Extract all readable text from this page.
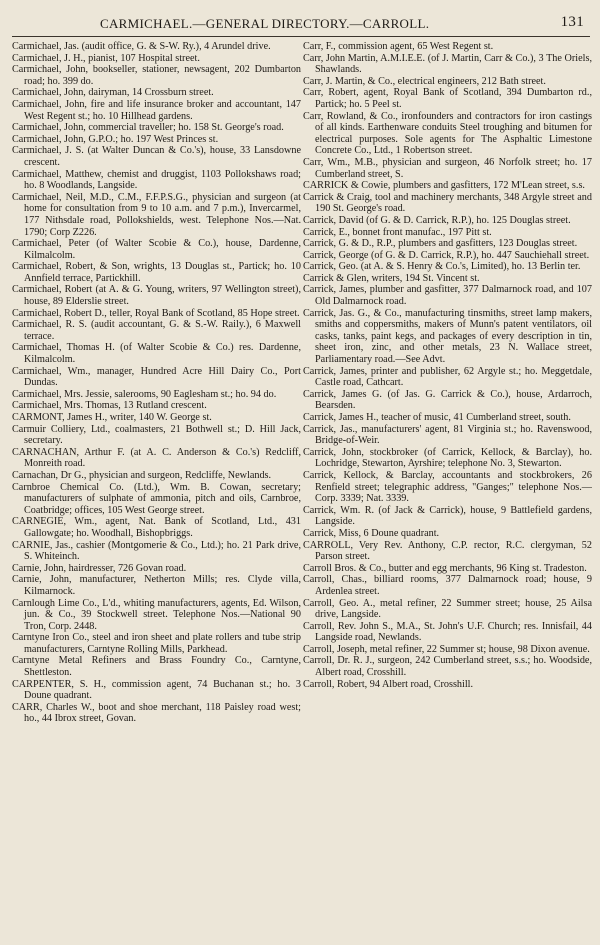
CARMICHAEL.—GENERAL DIRECTORY.—CARROLL.	131

Carmichael, Jas. (audit office, G. & S-W. Ry.), 4 Arundel drive.

Carmichael, J. H., pianist, 107 Hospital street.

Carmichael, John, bookseller, stationer, newsagent, 202 Dumbarton road; ho. 399 do.

Carmichael, John, dairyman, 14 Crossburn street.

Carmichael, John, fire and life insurance broker and accountant, 147 West Regent st.; ho. 10 Hillhead gardens.

Carmichael, John, commercial traveller; ho. 158 St. George's road.

Carmichael, John, G.P.O.; ho. 197 West Princes st.

Carmichael, J. S. (at Walter Duncan & Co.'s), house, 33 Lansdowne crescent.

Carmichael, Matthew, chemist and druggist, 1103 Pollokshaws road; ho. 8 Woodlands, Langside.

Carmichael, Neil, M.D., C.M., F.F.P.S.G., physician and surgeon (at home for consultation from 9 to 10 a.m. and 7 p.m.), Invercarmel, 177 Nithsdale road, Pollokshields, west. Telephone Nos.—Nat. 1790; Corp Z226.

Carmichael, Peter (of Walter Scobie & Co.), house, Dardenne, Kilmalcolm.

Carmichael, Robert, & Son, wrights, 13 Douglas st., Partick; ho. 10 Annfield terrace, Partickhill.

Carmichael, Robert (at A. & G. Young, writers, 97 Wellington street), house, 89 Elderslie street.

Carmichael, Robert D., teller, Royal Bank of Scotland, 85 Hope street.

Carmichael, R. S. (audit accountant, G. & S.-W. Raily.), 6 Maxwell terrace.

Carmichael, Thomas H. (of Walter Scobie & Co.) res. Dardenne, Kilmalcolm.

Carmichael, Wm., manager, Hundred Acre Hill Dairy Co., Port Dundas.

Carmichael, Mrs. Jessie, salerooms, 90 Eaglesham st.; ho. 94 do.

Carmichael, Mrs. Thomas, 13 Rutland crescent.

CARMONT, James H., writer, 140 W. George st.

Carmuir Colliery, Ltd., coalmasters, 21 Bothwell st.; D. Hill Jack, secretary.

CARNACHAN, Arthur F. (at A. C. Anderson & Co.'s) Redcliff, Monreith road.

Carnachan, Dr G., physician and surgeon, Redcliffe, Newlands.

Carnbroe Chemical Co. (Ltd.), Wm. B. Cowan, secretary; manufacturers of sulphate of ammonia, pitch and oils, Carnbroe, Coatbridge; offices, 105 West George street.

CARNEGIE, Wm., agent, Nat. Bank of Scotland, Ltd., 431 Gallowgate; ho. Woodhall, Bishopbriggs.

CARNIE, Jas., cashier (Montgomerie & Co., Ltd.); ho. 21 Park drive, S. Whiteinch.

Carnie, John, hairdresser, 726 Govan road.

Carnie, John, manufacturer, Netherton Mills; res. Clyde villa, Kilmarnock.

Carnlough Lime Co., L'd., whiting manufacturers, agents, Ed. Wilson, jun. & Co., 39 Stockwell street. Telephone Nos.—National 90 Tron, Corp. 2448.

Carntyne Iron Co., steel and iron sheet and plate rollers and tube strip manufacturers, Carntyne Rolling Mills, Parkhead.

Carntyne Metal Refiners and Brass Foundry Co., Carntyne, Shettleston.

CARPENTER, S. H., commission agent, 74 Buchanan st.; ho. 3 Doune quadrant.

CARR, Charles W., boot and shoe merchant, 118 Paisley road west; ho., 44 Ibrox street, Govan.

Carr, F., commission agent, 65 West Regent st.

Carr, John Martin, A.M.I.E.E. (of J. Martin, Carr & Co.), 3 The Oriels, Shawlands.

Carr, J. Martin, & Co., electrical engineers, 212 Bath street.

Carr, Robert, agent, Royal Bank of Scotland, 394 Dumbarton rd., Partick; ho. 5 Peel st.

Carr, Rowland, & Co., ironfounders and contractors for iron castings of all kinds. Earthenware conduits Steel troughing and bitumen for electrical purposes. Sole agents for The Asphaltic Limestone Concrete Co., Ltd., 1 Robertson street.

Carr, Wm., M.B., physician and surgeon, 46 Norfolk street; ho. 17 Cumberland street, S.

CARRICK & Cowie, plumbers and gasfitters, 172 M'Lean street, s.s.

Carrick & Craig, tool and machinery merchants, 348 Argyle street and 190 St. George's road.

Carrick, David (of G. & D. Carrick, R.P.), ho. 125 Douglas street.

Carrick, E., bonnet front manufac., 197 Pitt st.

Carrick, G. & D., R.P., plumbers and gasfitters, 123 Douglas street.

Carrick, George (of G. & D. Carrick, R.P.), ho. 447 Sauchiehall street.

Carrick, Geo. (at A. & S. Henry & Co.'s, Limited), ho. 13 Berlin ter.

Carrick & Glen, writers, 194 St. Vincent st.

Carrick, James, plumber and gasfitter, 377 Dalmarnock road, and 107 Old Dalmarnock road.

Carrick, Jas. G., & Co., manufacturing tinsmiths, street lamp makers, smiths and coppersmiths, makers of Munn's patent ventilators, oil casks, tanks, paint kegs, and packages of every description in tin, sheet iron, zinc, and other metals, 23 N. Wallace street, Parliamentary road.—See Advt.

Carrick, James, printer and publisher, 62 Argyle st.; ho. Meggetdale, Castle road, Cathcart.

Carrick, James G. (of Jas. G. Carrick & Co.), house, Ardarroch, Bearsden.

Carrick, James H., teacher of music, 41 Cumberland street, south.

Carrick, Jas., manufacturers' agent, 81 Virginia st.; ho. Ravenswood, Bridge-of-Weir.

Carrick, John, stockbroker (of Carrick, Kellock, & Barclay), ho. Lochridge, Stewarton, Ayrshire; telephone No. 3, Stewarton.

Carrick, Kellock, & Barclay, accountants and stockbrokers, 26 Renfield street; telegraphic address, "Ganges;" telephone Nos.—Corp. 3339; Nat. 3339.

Carrick, Wm. R. (of Jack & Carrick), house, 9 Battlefield gardens, Langside.

Carrick, Miss, 6 Doune quadrant.

CARROLL, Very Rev. Anthony, C.P. rector, R.C. clergyman, 52 Parson street.

Carroll Bros. & Co., butter and egg merchants, 96 King st. Tradeston.

Carroll, Chas., billiard rooms, 377 Dalmarnock road; house, 9 Ardenlea street.

Carroll, Geo. A., metal refiner, 22 Summer street; house, 25 Ailsa drive, Langside.

Carroll, Rev. John S., M.A., St. John's U.F. Church; res. Innisfail, 44 Langside road, Newlands.

Carroll, Joseph, metal refiner, 22 Summer st; house, 98 Dixon avenue.

Carroll, Dr. R. J., surgeon, 242 Cumberland street, s.s.; ho. Woodside, Albert road, Crosshill.

Carroll, Robert, 94 Albert road, Crosshill.
